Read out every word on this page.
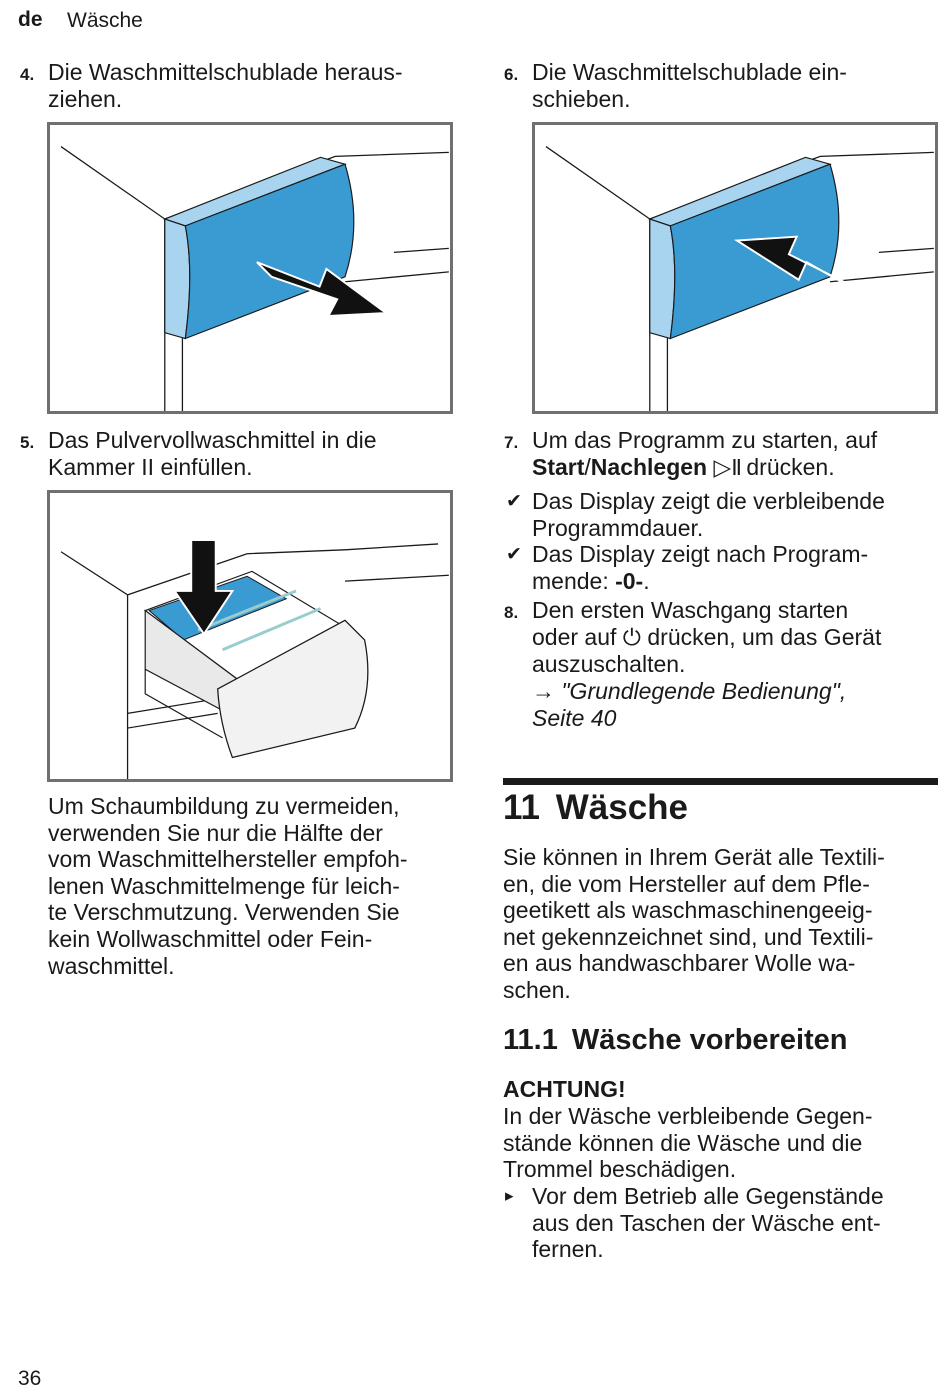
de Wäsche
4. Die Waschmittelschublade heraus-
ziehen.
5. Das Pulvervollwaschmittel in die
Kammer II einfüllen.
Um Schaumbildung zu vermeiden,
verwenden Sie nur die Hälfte der
vom Waschmittelhersteller empfoh-
lenen Waschmittelmenge für leich-
te Verschmutzung. Verwenden Sie
kein Wollwaschmittel oder Fein-
waschmittel.
6. Die Waschmittelschublade ein-
schieben.
7. Um das Programm zu starten, auf
Start/Nachlegen ▷II drücken.
✔ Das Display zeigt die verbleibende
Programmdauer.
✔ Das Display zeigt nach Program-
mende: -0-.
8. Den ersten Waschgang starten
oder auf ⏻ drücken, um das Gerät
auszuschalten.
→ "Grundlegende Bedienung",
Seite 40
11 Wäsche
Sie können in Ihrem Gerät alle Textili-
en, die vom Hersteller auf dem Pfle-
geetikett als waschmaschinengeeig-
net gekennzeichnet sind, und Textili-
en aus handwaschbarer Wolle wa-
schen.
11.1 Wäsche vorbereiten
ACHTUNG!
In der Wäsche verbleibende Gegen-
stände können die Wäsche und die
Trommel beschädigen.
▸ Vor dem Betrieb alle Gegenstände
aus den Taschen der Wäsche ent-
fernen.
36
